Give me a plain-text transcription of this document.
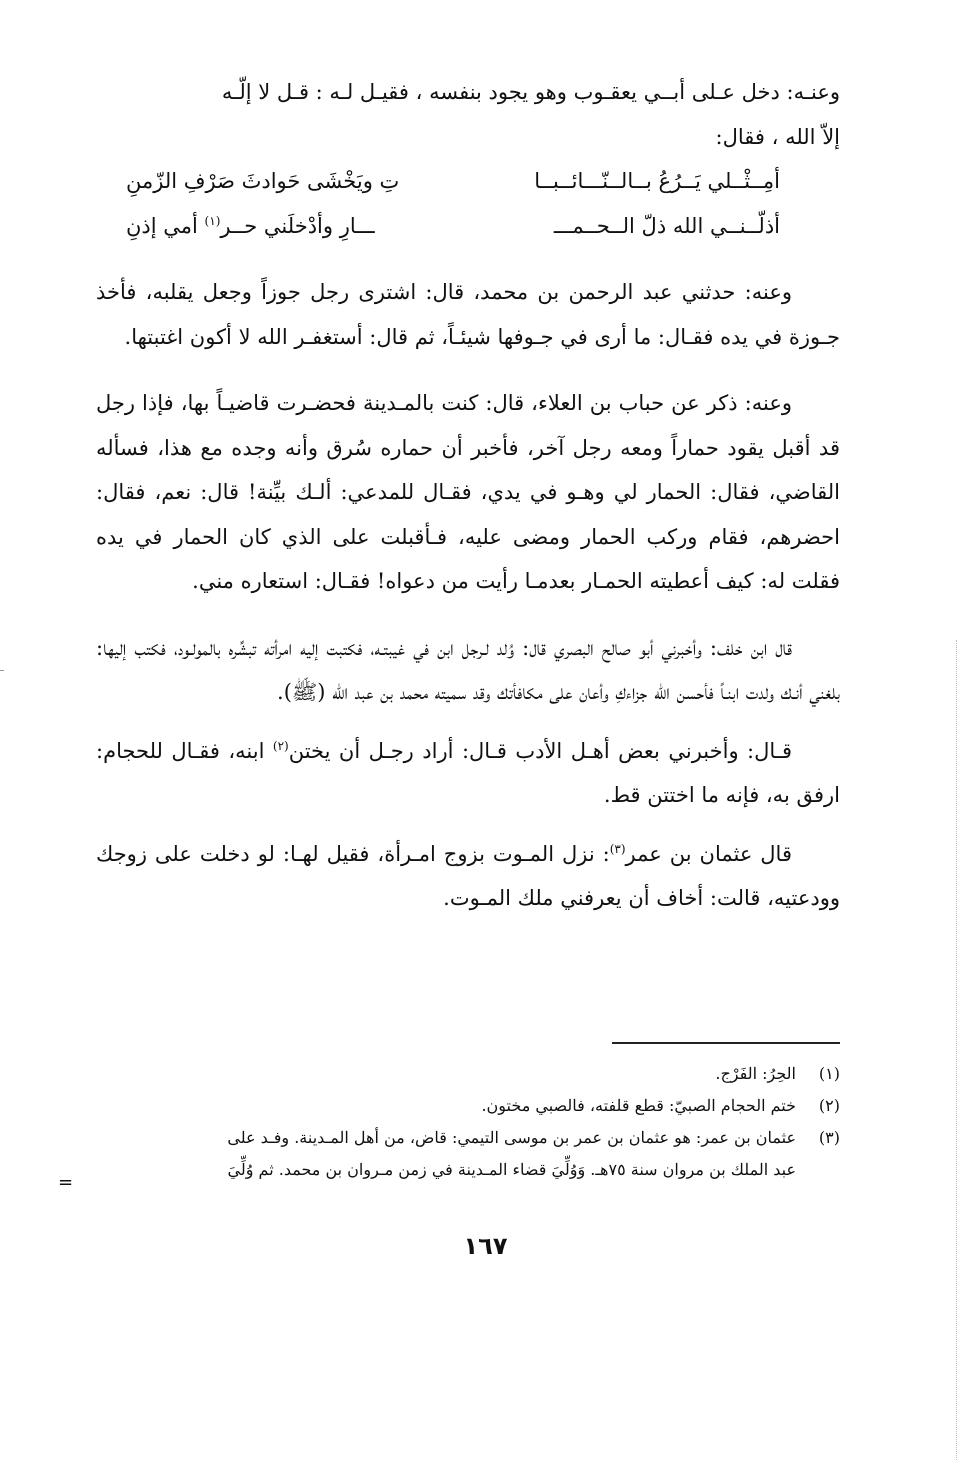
وعنـه: دخل عـلى أبــي يعقـوب وهو يجود بنفسه ، فقيـل لـه : قـل لا إلّـه
إلاّ الله ، فقال:

أمِــثْــلي يَــرُعُ بــالــنّـــائــبــا
تِ ويَخْشَى حَوادثَ صَرْفِ الزّمنِ
أذلّــنــي الله ذلّ الــحــمـــ
ـــارِ وأدْخلَني حــر$^{(١)}$ أمي إذنِ

وعنه: حدثني عبد الرحمن بن محمد، قال: اشترى رجل جوزاً وجعل يقلبه، فأخذ جـوزة في يده فقـال: ما أرى في جـوفها شيئـاً، ثم قال: أستغفـر الله لا أكون اغتبتها.

وعنه: ذكر عن حباب بن العلاء، قال: كنت بالمـدينة فحضـرت قاضيـاً بها، فإذا رجل قد أقبل يقود حماراً ومعه رجل آخر، فأخبر أن حماره سُرق وأنه وجده مع هذا، فسأله القاضي، فقال: الحمار لي وهـو في يدي، فقـال للمدعي: ألـك بيِّنة! قال: نعم، فقال: احضرهم، فقام وركب الحمار ومضى عليه، فـأقبلت على الذي كان الحمار في يده فقلت له: كيف أعطيته الحمـار بعدمـا رأيت من دعواه! فقـال: استعاره مني.

قال ابن خلف: وأخبرني أبو صالح البصري قال: وُلد لـرجل ابن في غيبتـه، فكتبت إليه امرأته تبشِّره بالمولـود، فكتب إليها: بلغني أنـك ولدت ابنـاً فأحسن الله جزاءكِ وأعان على مكافأتك وقد سميته محمد بن عبد الله (ﷺ).

قـال: وأخبرني بعض أهـل الأدب قـال: أراد رجـل أن يختن$^{(٢)}$ ابنه، فقـال للحجام: ارفق به، فإنه ما اختتن قط.

قال عثمان بن عمر$^{(٣)}$: نزل المـوت بزوج امـرأة، فقيل لهـا: لو دخلت على زوجك وودعتيه، قالت: أخاف أن يعرفني ملك المـوت.

(١)
الحِرُ: الفَرْج.
(٢)
ختم الحجام الصبيّ: قطع قلفته، فالصبي مختون.
(٣)
عثمان بن عمر: هو عثمان بن عمر بن موسى التيمي: قاض، من أهل المـدينة. وفـد على
عبد الملك بن مروان سنة ٧٥هـ. وَوُلِّيَ قضاء المـدينة في زمن مـروان بن محمد. ثم وُلِّيَ
=
١٦٧
